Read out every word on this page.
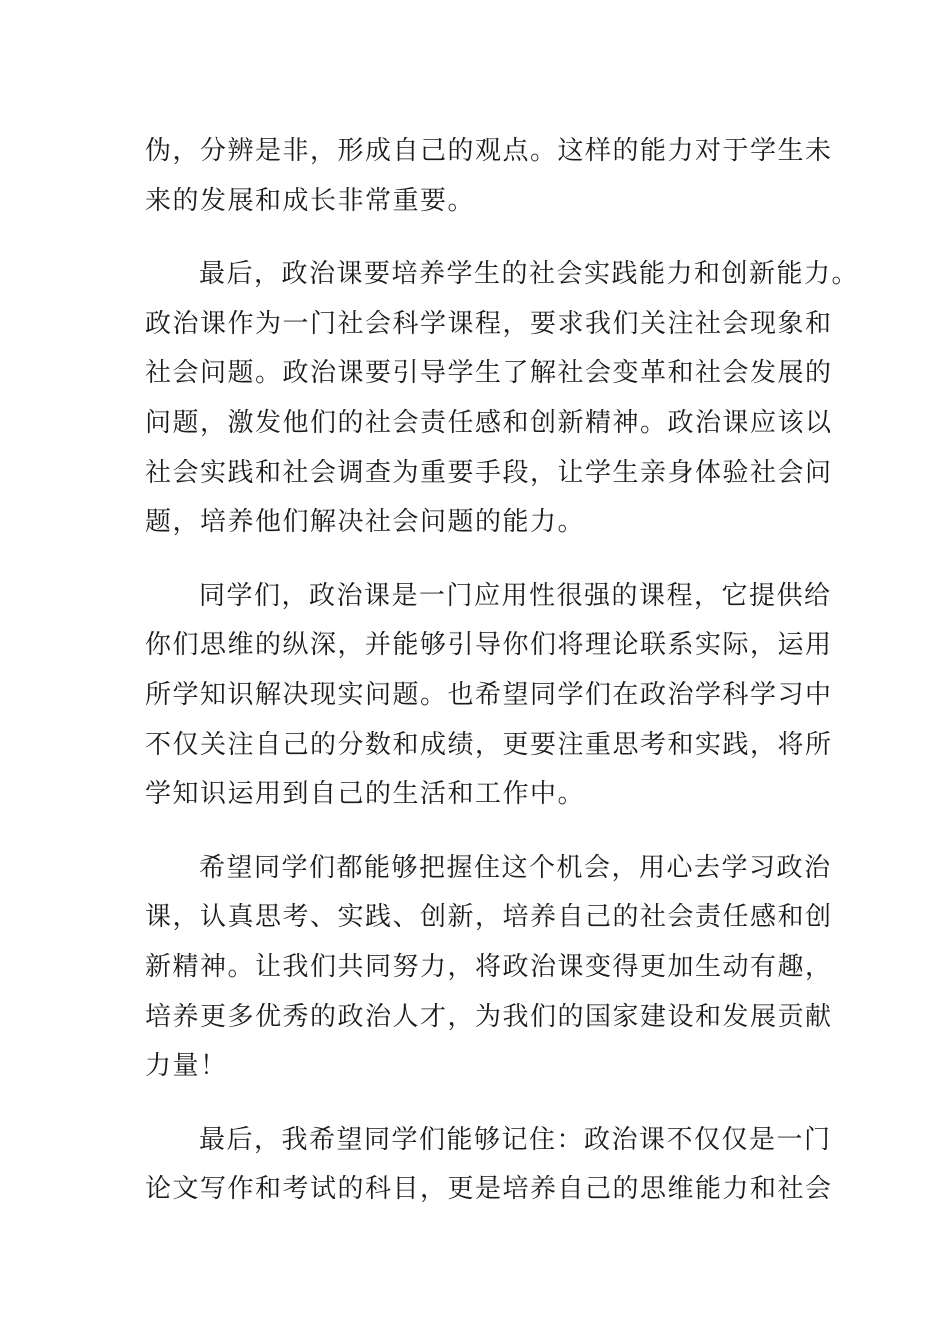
伪，分辨是非，形成自己的观点。这样的能力对于学生未
来的发展和成长非常重要。
最后，政治课要培养学生的社会实践能力和创新能力。
政治课作为一门社会科学课程，要求我们关注社会现象和
社会问题。政治课要引导学生了解社会变革和社会发展的
问题，激发他们的社会责任感和创新精神。政治课应该以
社会实践和社会调查为重要手段，让学生亲身体验社会问
题，培养他们解决社会问题的能力。
同学们，政治课是一门应用性很强的课程，它提供给
你们思维的纵深，并能够引导你们将理论联系实际，运用
所学知识解决现实问题。也希望同学们在政治学科学习中
不仅关注自己的分数和成绩，更要注重思考和实践，将所
学知识运用到自己的生活和工作中。
希望同学们都能够把握住这个机会，用心去学习政治
课，认真思考、实践、创新，培养自己的社会责任感和创
新精神。让我们共同努力，将政治课变得更加生动有趣，
培养更多优秀的政治人才，为我们的国家建设和发展贡献
力量！
最后，我希望同学们能够记住：政治课不仅仅是一门
论文写作和考试的科目，更是培养自己的思维能力和社会
